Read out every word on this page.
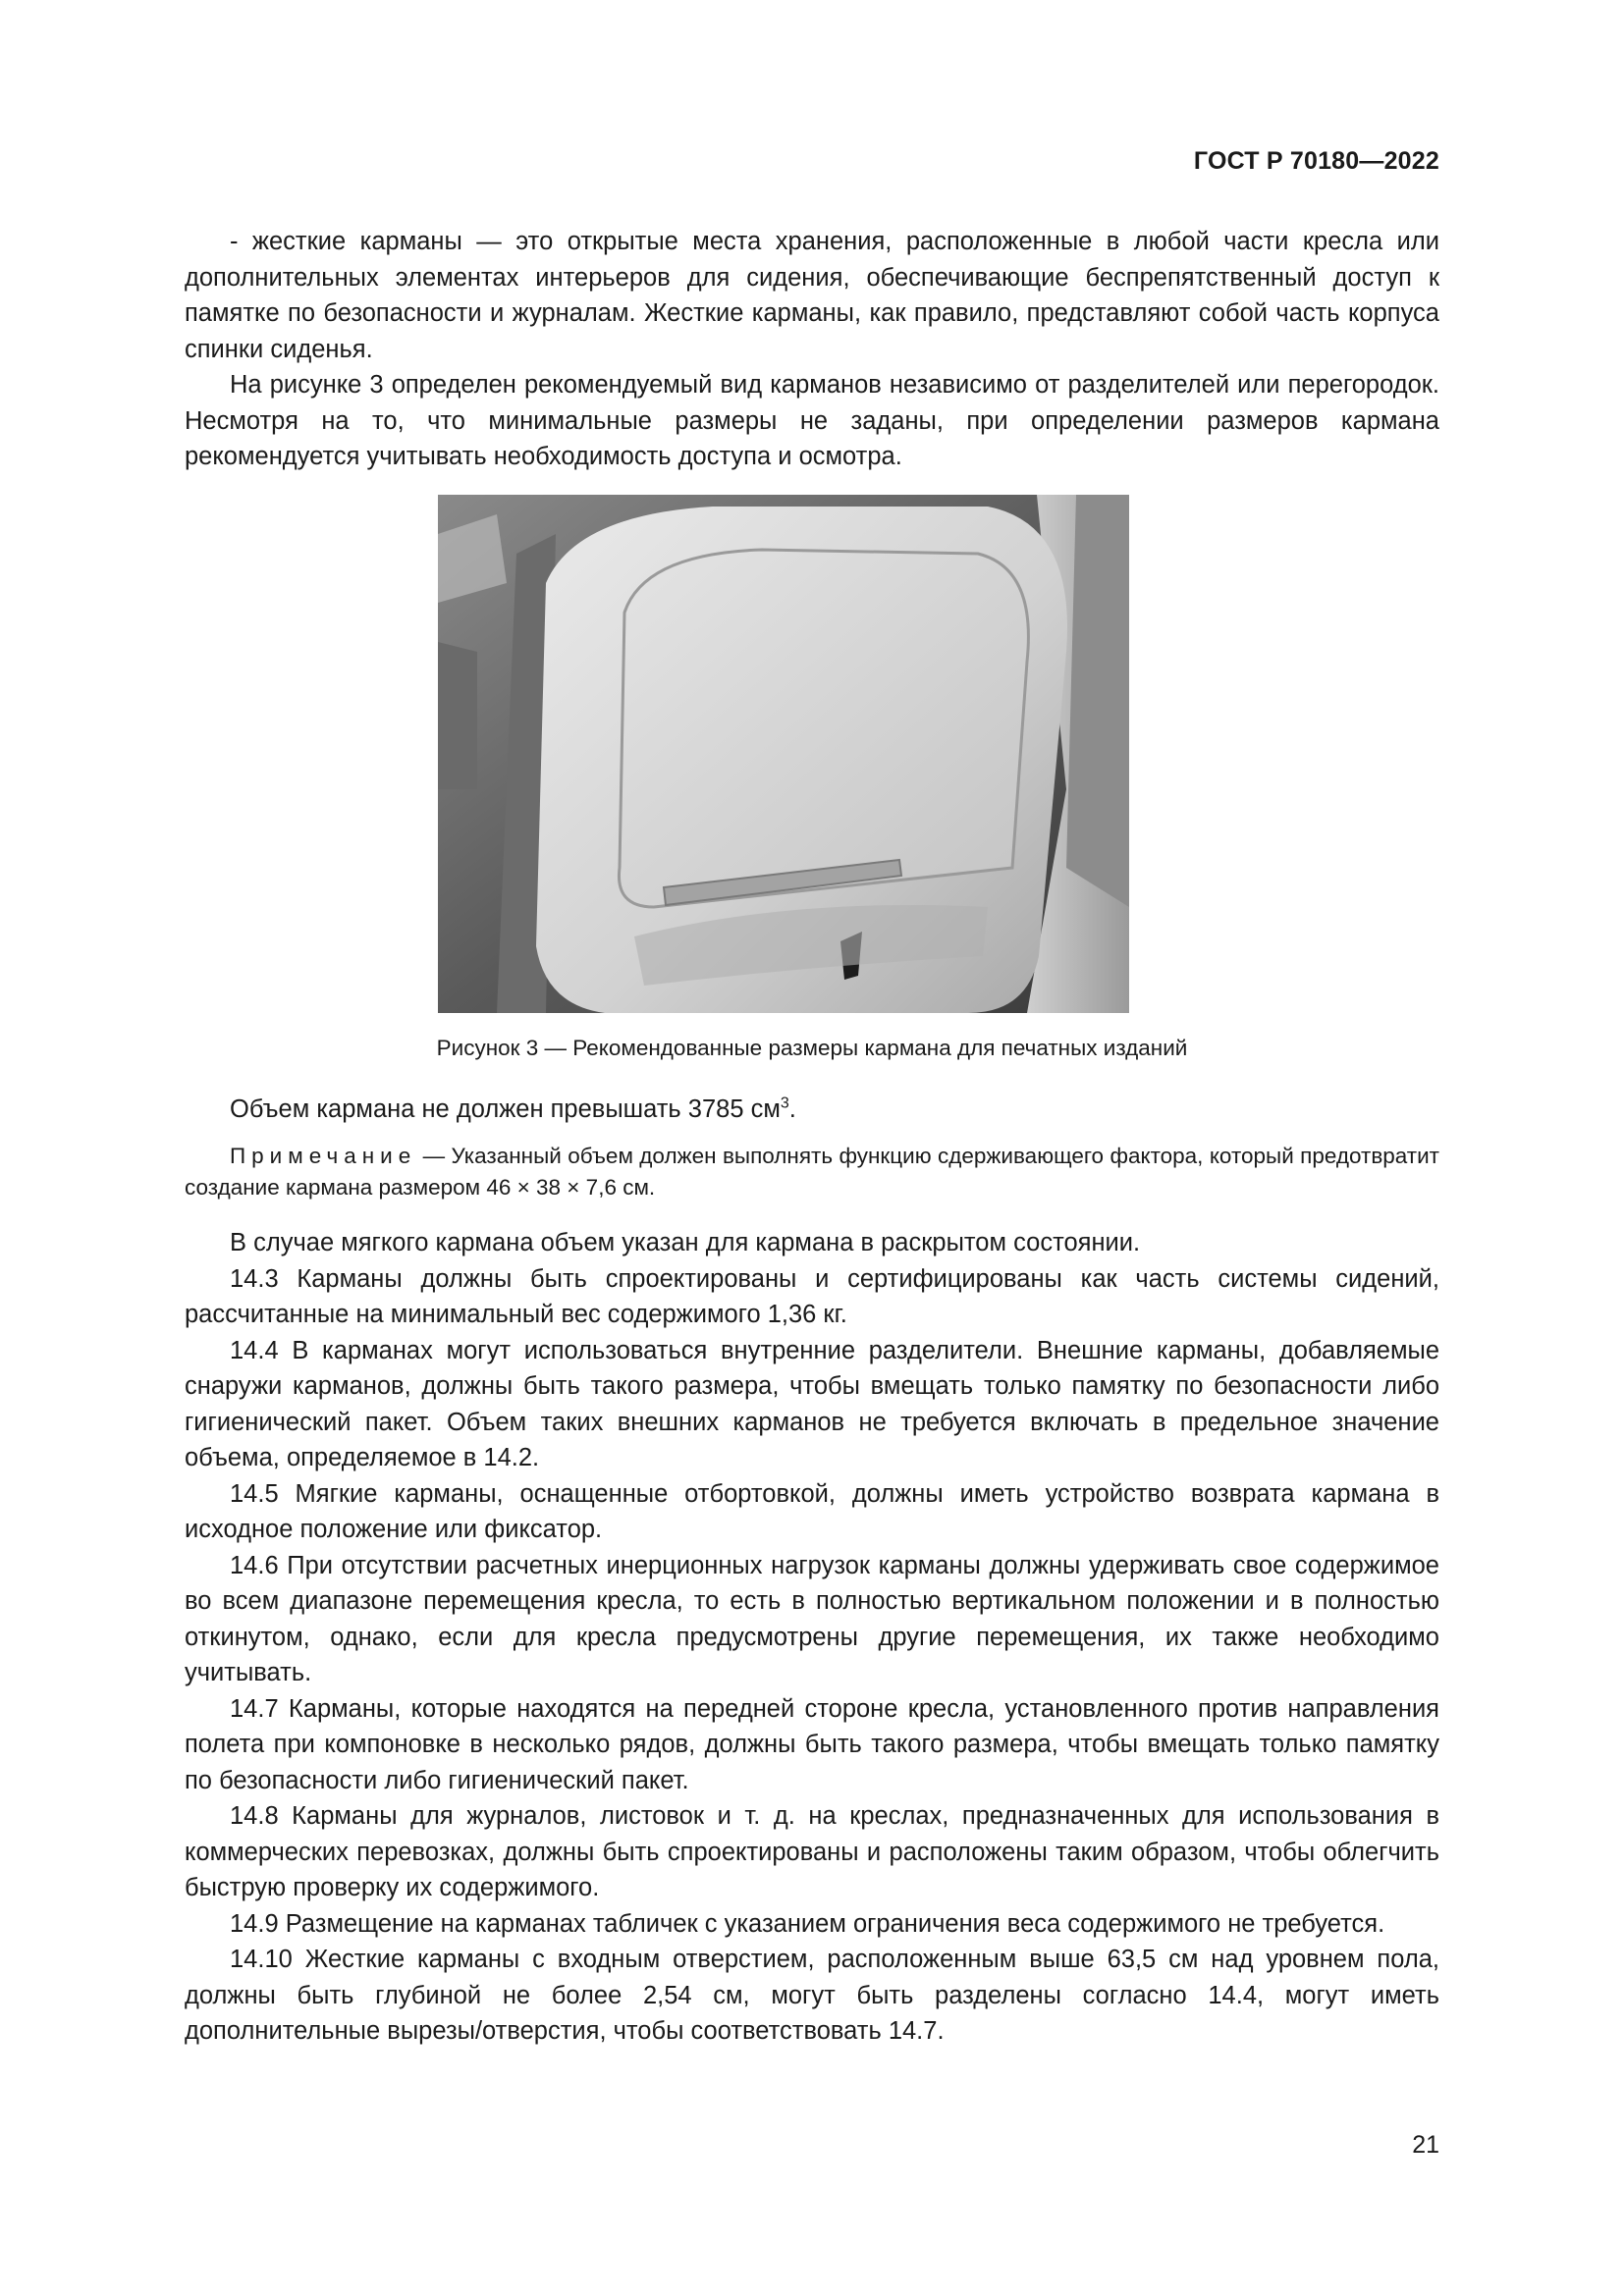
ГОСТ Р 70180—2022

- жесткие карманы — это открытые места хранения, расположенные в любой части кресла или дополнительных элементах интерьеров для сидения, обеспечивающие беспрепятственный доступ к памятке по безопасности и журналам. Жесткие карманы, как правило, представляют собой часть корпуса спинки сиденья.

На рисунке 3 определен рекомендуемый вид карманов независимо от разделителей или перегородок. Несмотря на то, что минимальные размеры не заданы, при определении размеров кармана рекомендуется учитывать необходимость доступа и осмотра.

Рисунок 3 — Рекомендованные размеры кармана для печатных изданий
Объем кармана не должен превышать 3785 $см^3$.

Примечание — Указанный объем должен выполнять функцию сдерживающего фактора, который предотвратит создание кармана размером 46 × 38 × 7,6 см.

В случае мягкого кармана объем указан для кармана в раскрытом состоянии.

14.3 Карманы должны быть спроектированы и сертифицированы как часть системы сидений, рассчитанные на минимальный вес содержимого 1,36 кг.

14.4 В карманах могут использоваться внутренние разделители. Внешние карманы, добавляемые снаружи карманов, должны быть такого размера, чтобы вмещать только памятку по безопасности либо гигиенический пакет. Объем таких внешних карманов не требуется включать в предельное значение объема, определяемое в 14.2.

14.5 Мягкие карманы, оснащенные отбортовкой, должны иметь устройство возврата кармана в исходное положение или фиксатор.

14.6 При отсутствии расчетных инерционных нагрузок карманы должны удерживать свое содержимое во всем диапазоне перемещения кресла, то есть в полностью вертикальном положении и в полностью откинутом, однако, если для кресла предусмотрены другие перемещения, их также необходимо учитывать.

14.7 Карманы, которые находятся на передней стороне кресла, установленного против направления полета при компоновке в несколько рядов, должны быть такого размера, чтобы вмещать только памятку по безопасности либо гигиенический пакет.

14.8 Карманы для журналов, листовок и т. д. на креслах, предназначенных для использования в коммерческих перевозках, должны быть спроектированы и расположены таким образом, чтобы облегчить быструю проверку их содержимого.

14.9 Размещение на карманах табличек с указанием ограничения веса содержимого не требуется.

14.10 Жесткие карманы с входным отверстием, расположенным выше 63,5 см над уровнем пола, должны быть глубиной не более 2,54 см, могут быть разделены согласно 14.4, могут иметь дополнительные вырезы/отверстия, чтобы соответствовать 14.7.

21
